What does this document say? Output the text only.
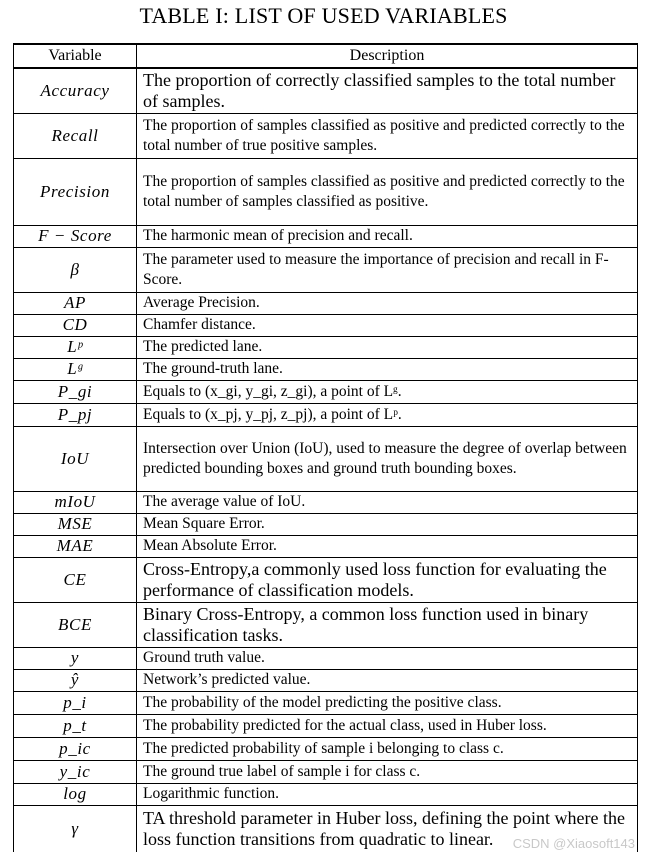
TABLE I: LIST OF USED VARIABLES
Variable	Description
Accuracy	The proportion of correctly classified samples to the total number of samples.
Recall	The proportion of samples classified as positive and predicted correctly to the total number of true positive samples.
Precision	The proportion of samples classified as positive and predicted correctly to the total number of samples classified as positive.
F − Score	The harmonic mean of precision and recall.
β	The parameter used to measure the importance of precision and recall in F-Score.
AP	Average Precision.
CD	Chamfer distance.
Lᵖ	The predicted lane.
Lᵍ	The ground-truth lane.
P_gi	Equals to (x_gi, y_gi, z_gi), a point of Lᵍ.
P_pj	Equals to (x_pj, y_pj, z_pj), a point of Lᵖ.
IoU	Intersection over Union (IoU), used to measure the degree of overlap between predicted bounding boxes and ground truth bounding boxes.
mIoU	The average value of IoU.
MSE	Mean Square Error.
MAE	Mean Absolute Error.
CE	Cross-Entropy,a commonly used loss function for evaluating the performance of classification models.
BCE	Binary Cross-Entropy, a common loss function used in binary classification tasks.
y	Ground truth value.
ŷ	Network’s predicted value.
p_i	The probability of the model predicting the positive class.
p_t	The probability predicted for the actual class, used in Huber loss.
p_ic	The predicted probability of sample i belonging to class c.
y_ic	The ground true label of sample i for class c.
log	Logarithmic function.
γ	TA threshold parameter in Huber loss, defining the point where the loss function transitions from quadratic to linear. CSDN @Xiaosoft143
